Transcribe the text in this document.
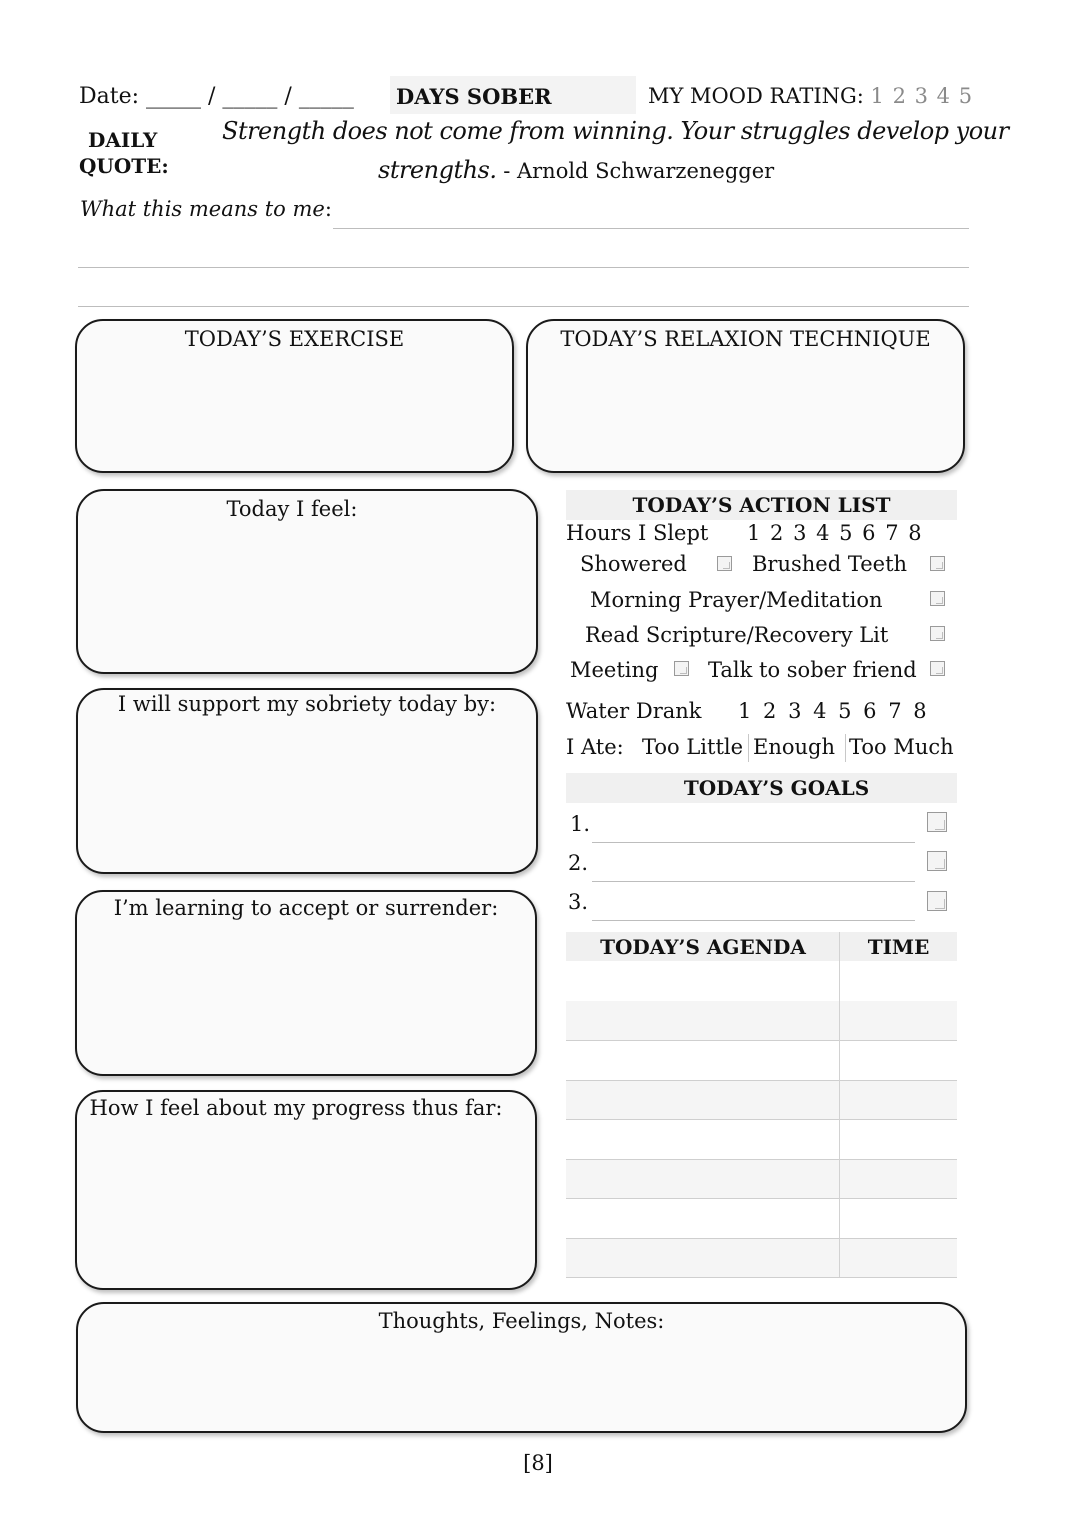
Date: _____ / _____ / _____ DAYS SOBER	MY MOOD RATING: 1 2 3 4 5
DAILY
QUOTE:
Strength does not come from winning. Your struggles develop your
strengths. - Arnold Schwarzenegger
What this means to me:
TODAY’S EXERCISE	TODAY’S RELAXION TECHNIQUE
Today I feel:
I will support my sobriety today by:
I’m learning to accept or surrender:
How I feel about my progress thus far:
TODAY’S ACTION LIST
Hours I Slept 1 2 3 4 5 6 7 8
Showered	Brushed Teeth
Morning Prayer/Meditation
Read Scripture/Recovery Lit
Meeting Talk to sober friend
Water Drank 1 2 3 4 5 6 7 8
I Ate: Too Little Enough Too Much
TODAY’S GOALS
1.
2.
3.
TODAY’S AGENDA	TIME
Thoughts, Feelings, Notes:
[8]
